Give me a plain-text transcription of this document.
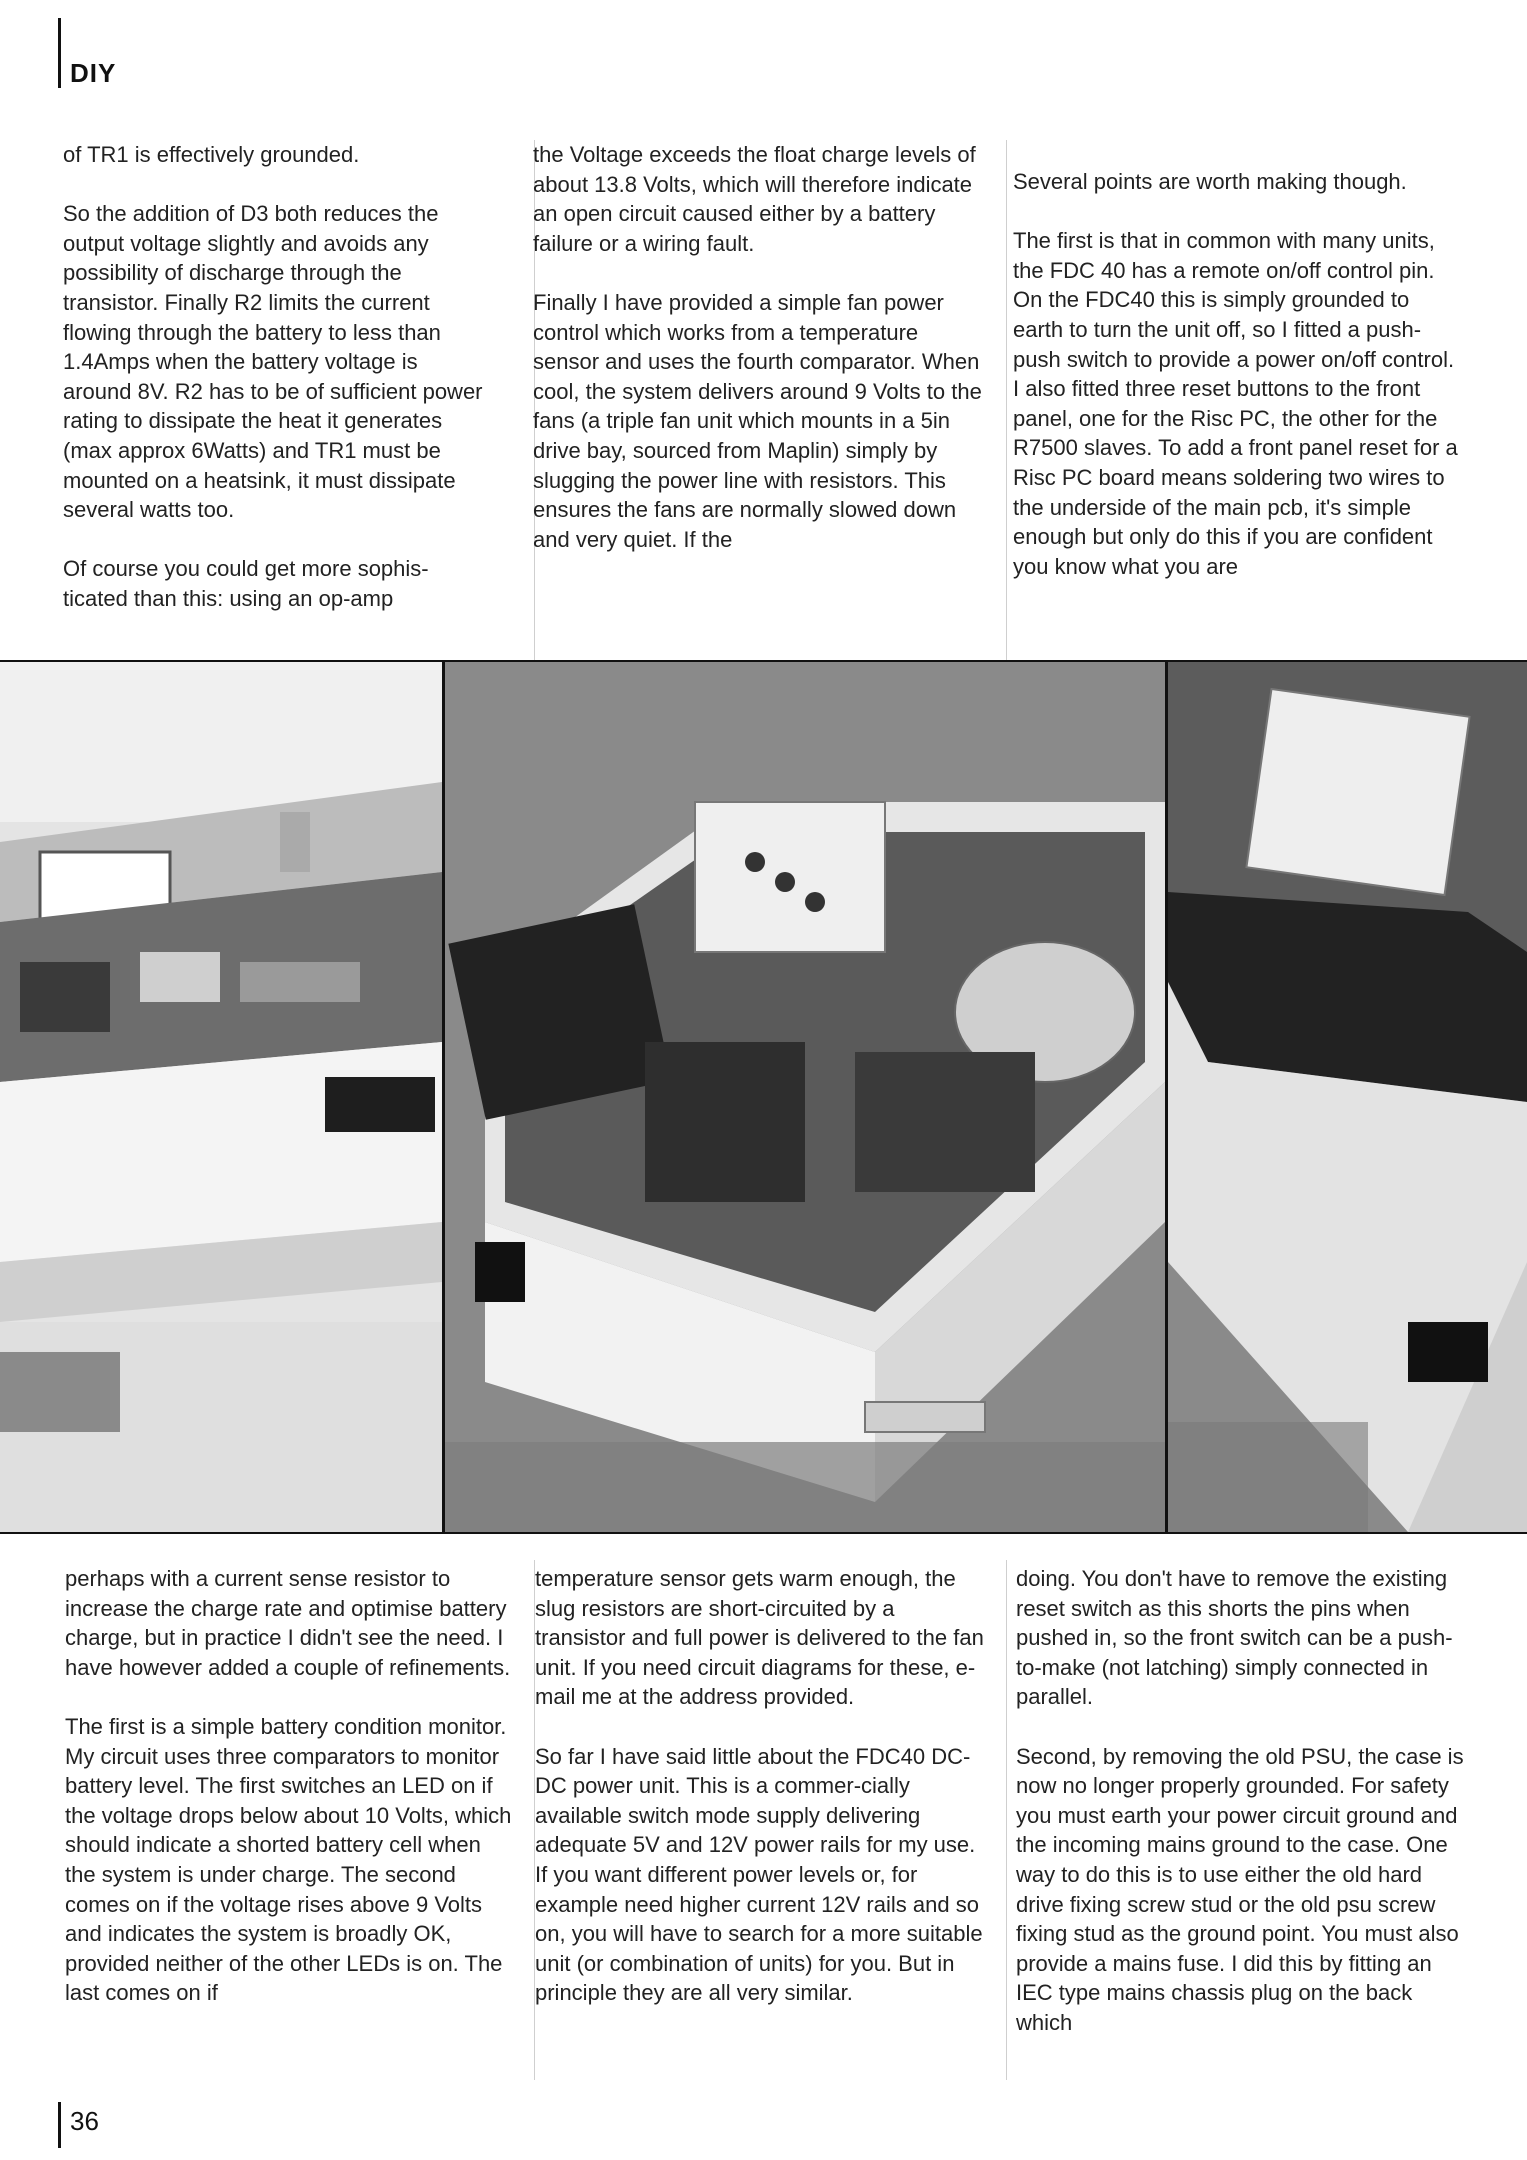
DIY

of TR1 is effectively grounded.

So the addition of D3 both reduces the output voltage slightly and avoids any possibility of discharge through the transistor. Finally R2 limits the current flowing through the battery to less than 1.4Amps when the battery voltage is around 8V. R2 has to be of sufficient power rating to dissipate the heat it generates (max approx 6Watts) and TR1 must be mounted on a heatsink, it must dissipate several watts too.

Of course you could get more sophis-ticated than this: using an op-amp

the Voltage exceeds the float charge levels of about 13.8 Volts, which will therefore indicate an open circuit caused either by a battery failure or a wiring fault.

Finally I have provided a simple fan power control which works from a temperature sensor and uses the fourth comparator. When cool, the system delivers around 9 Volts to the fans (a triple fan unit which mounts in a 5in drive bay, sourced from Maplin) simply by slugging the power line with resistors. This ensures the fans are normally slowed down and very quiet. If the

Several points are worth making though.

The first is that in common with many units, the FDC 40 has a remote on/off control pin. On the FDC40 this is simply grounded to earth to turn the unit off, so I fitted a push-push switch to provide a power on/off control. I also fitted three reset buttons to the front panel, one for the Risc PC, the other for the R7500 slaves. To add a front panel reset for a Risc PC board means soldering two wires to the underside of the main pcb, it's simple enough but only do this if you are confident you know what you are

perhaps with a current sense resistor to increase the charge rate and optimise battery charge, but in practice I didn't see the need. I have however added a couple of refinements.

The first is a simple battery condition monitor. My circuit uses three comparators to monitor battery level. The first switches an LED on if the voltage drops below about 10 Volts, which should indicate a shorted battery cell when the system is under charge. The second comes on if the voltage rises above 9 Volts and indicates the system is broadly OK, provided neither of the other LEDs is on. The last comes on if

temperature sensor gets warm enough, the slug resistors are short-circuited by a transistor and full power is delivered to the fan unit. If you need circuit diagrams for these, e-mail me at the address provided.

So far I have said little about the FDC40 DC-DC power unit. This is a commer-cially available switch mode supply delivering adequate 5V and 12V power rails for my use. If you want different power levels or, for example need higher current 12V rails and so on, you will have to search for a more suitable unit (or combination of units) for you. But in principle they are all very similar.

doing. You don't have to remove the existing reset switch as this shorts the pins when pushed in, so the front switch can be a push-to-make (not latching) simply connected in parallel.

Second, by removing the old PSU, the case is now no longer properly grounded. For safety you must earth your power circuit ground and the incoming mains ground to the case. One way to do this is to use either the old hard drive fixing screw stud or the old psu screw fixing stud as the ground point. You must also provide a mains fuse. I did this by fitting an IEC type mains chassis plug on the back which

36
